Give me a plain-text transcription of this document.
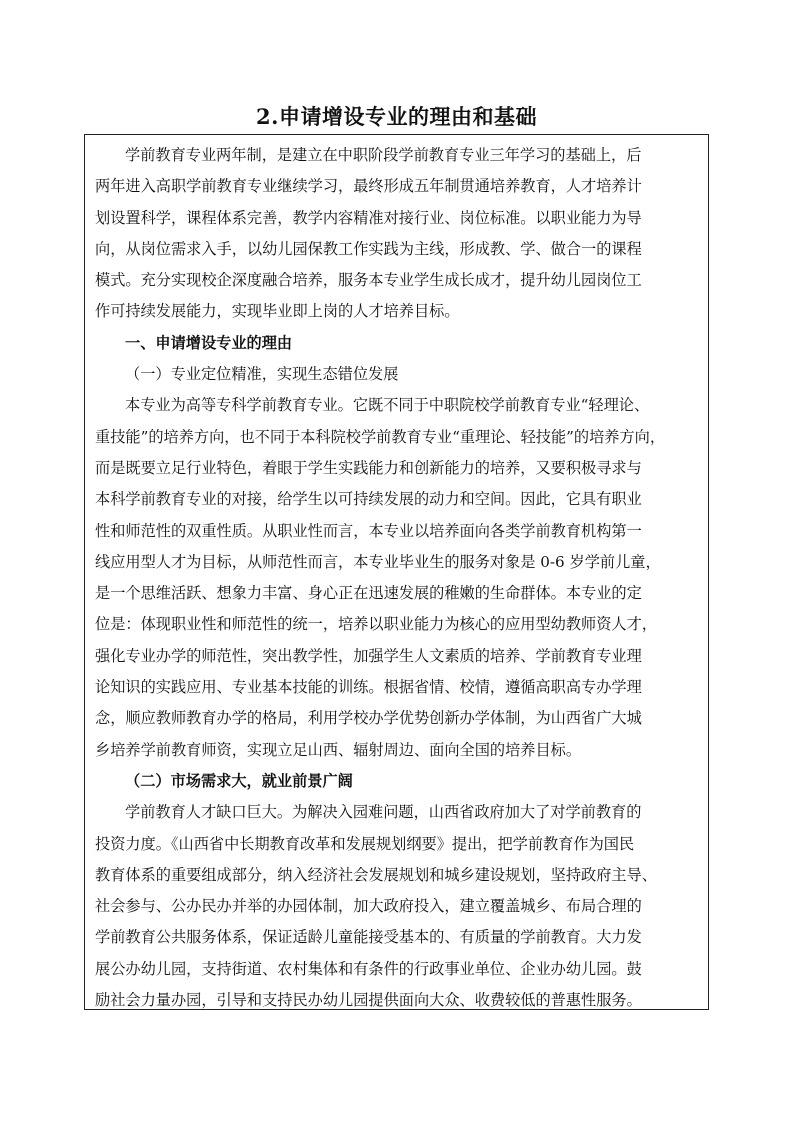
2.申请增设专业的理由和基础
学前教育专业两年制，是建立在中职阶段学前教育专业三年学习的基础上，后
两年进入高职学前教育专业继续学习，最终形成五年制贯通培养教育，人才培养计
划设置科学，课程体系完善，教学内容精准对接行业、岗位标准。以职业能力为导
向，从岗位需求入手，以幼儿园保教工作实践为主线，形成教、学、做合一的课程
模式。充分实现校企深度融合培养，服务本专业学生成长成才，提升幼儿园岗位工
作可持续发展能力，实现毕业即上岗的人才培养目标。
一、申请增设专业的理由
（一）专业定位精准，实现生态错位发展
本专业为高等专科学前教育专业。它既不同于中职院校学前教育专业“轻理论、
重技能”的培养方向，也不同于本科院校学前教育专业“重理论、轻技能”的培养方向，
而是既要立足行业特色，着眼于学生实践能力和创新能力的培养，又要积极寻求与
本科学前教育专业的对接，给学生以可持续发展的动力和空间。因此，它具有职业
性和师范性的双重性质。从职业性而言，本专业以培养面向各类学前教育机构第一
线应用型人才为目标，从师范性而言，本专业毕业生的服务对象是 0-6 岁学前儿童，
是一个思维活跃、想象力丰富、身心正在迅速发展的稚嫩的生命群体。本专业的定
位是：体现职业性和师范性的统一，培养以职业能力为核心的应用型幼教师资人才，
强化专业办学的师范性，突出教学性，加强学生人文素质的培养、学前教育专业理
论知识的实践应用、专业基本技能的训练。根据省情、校情，遵循高职高专办学理
念，顺应教师教育办学的格局，利用学校办学优势创新办学体制，为山西省广大城
乡培养学前教育师资，实现立足山西、辐射周边、面向全国的培养目标。
（二）市场需求大，就业前景广阔
学前教育人才缺口巨大。为解决入园难问题，山西省政府加大了对学前教育的
投资力度。《山西省中长期教育改革和发展规划纲要》提出，把学前教育作为国民
教育体系的重要组成部分，纳入经济社会发展规划和城乡建设规划，坚持政府主导、
社会参与、公办民办并举的办园体制，加大政府投入，建立覆盖城乡、布局合理的
学前教育公共服务体系，保证适龄儿童能接受基本的、有质量的学前教育。大力发
展公办幼儿园，支持街道、农村集体和有条件的行政事业单位、企业办幼儿园。鼓
励社会力量办园，引导和支持民办幼儿园提供面向大众、收费较低的普惠性服务。
